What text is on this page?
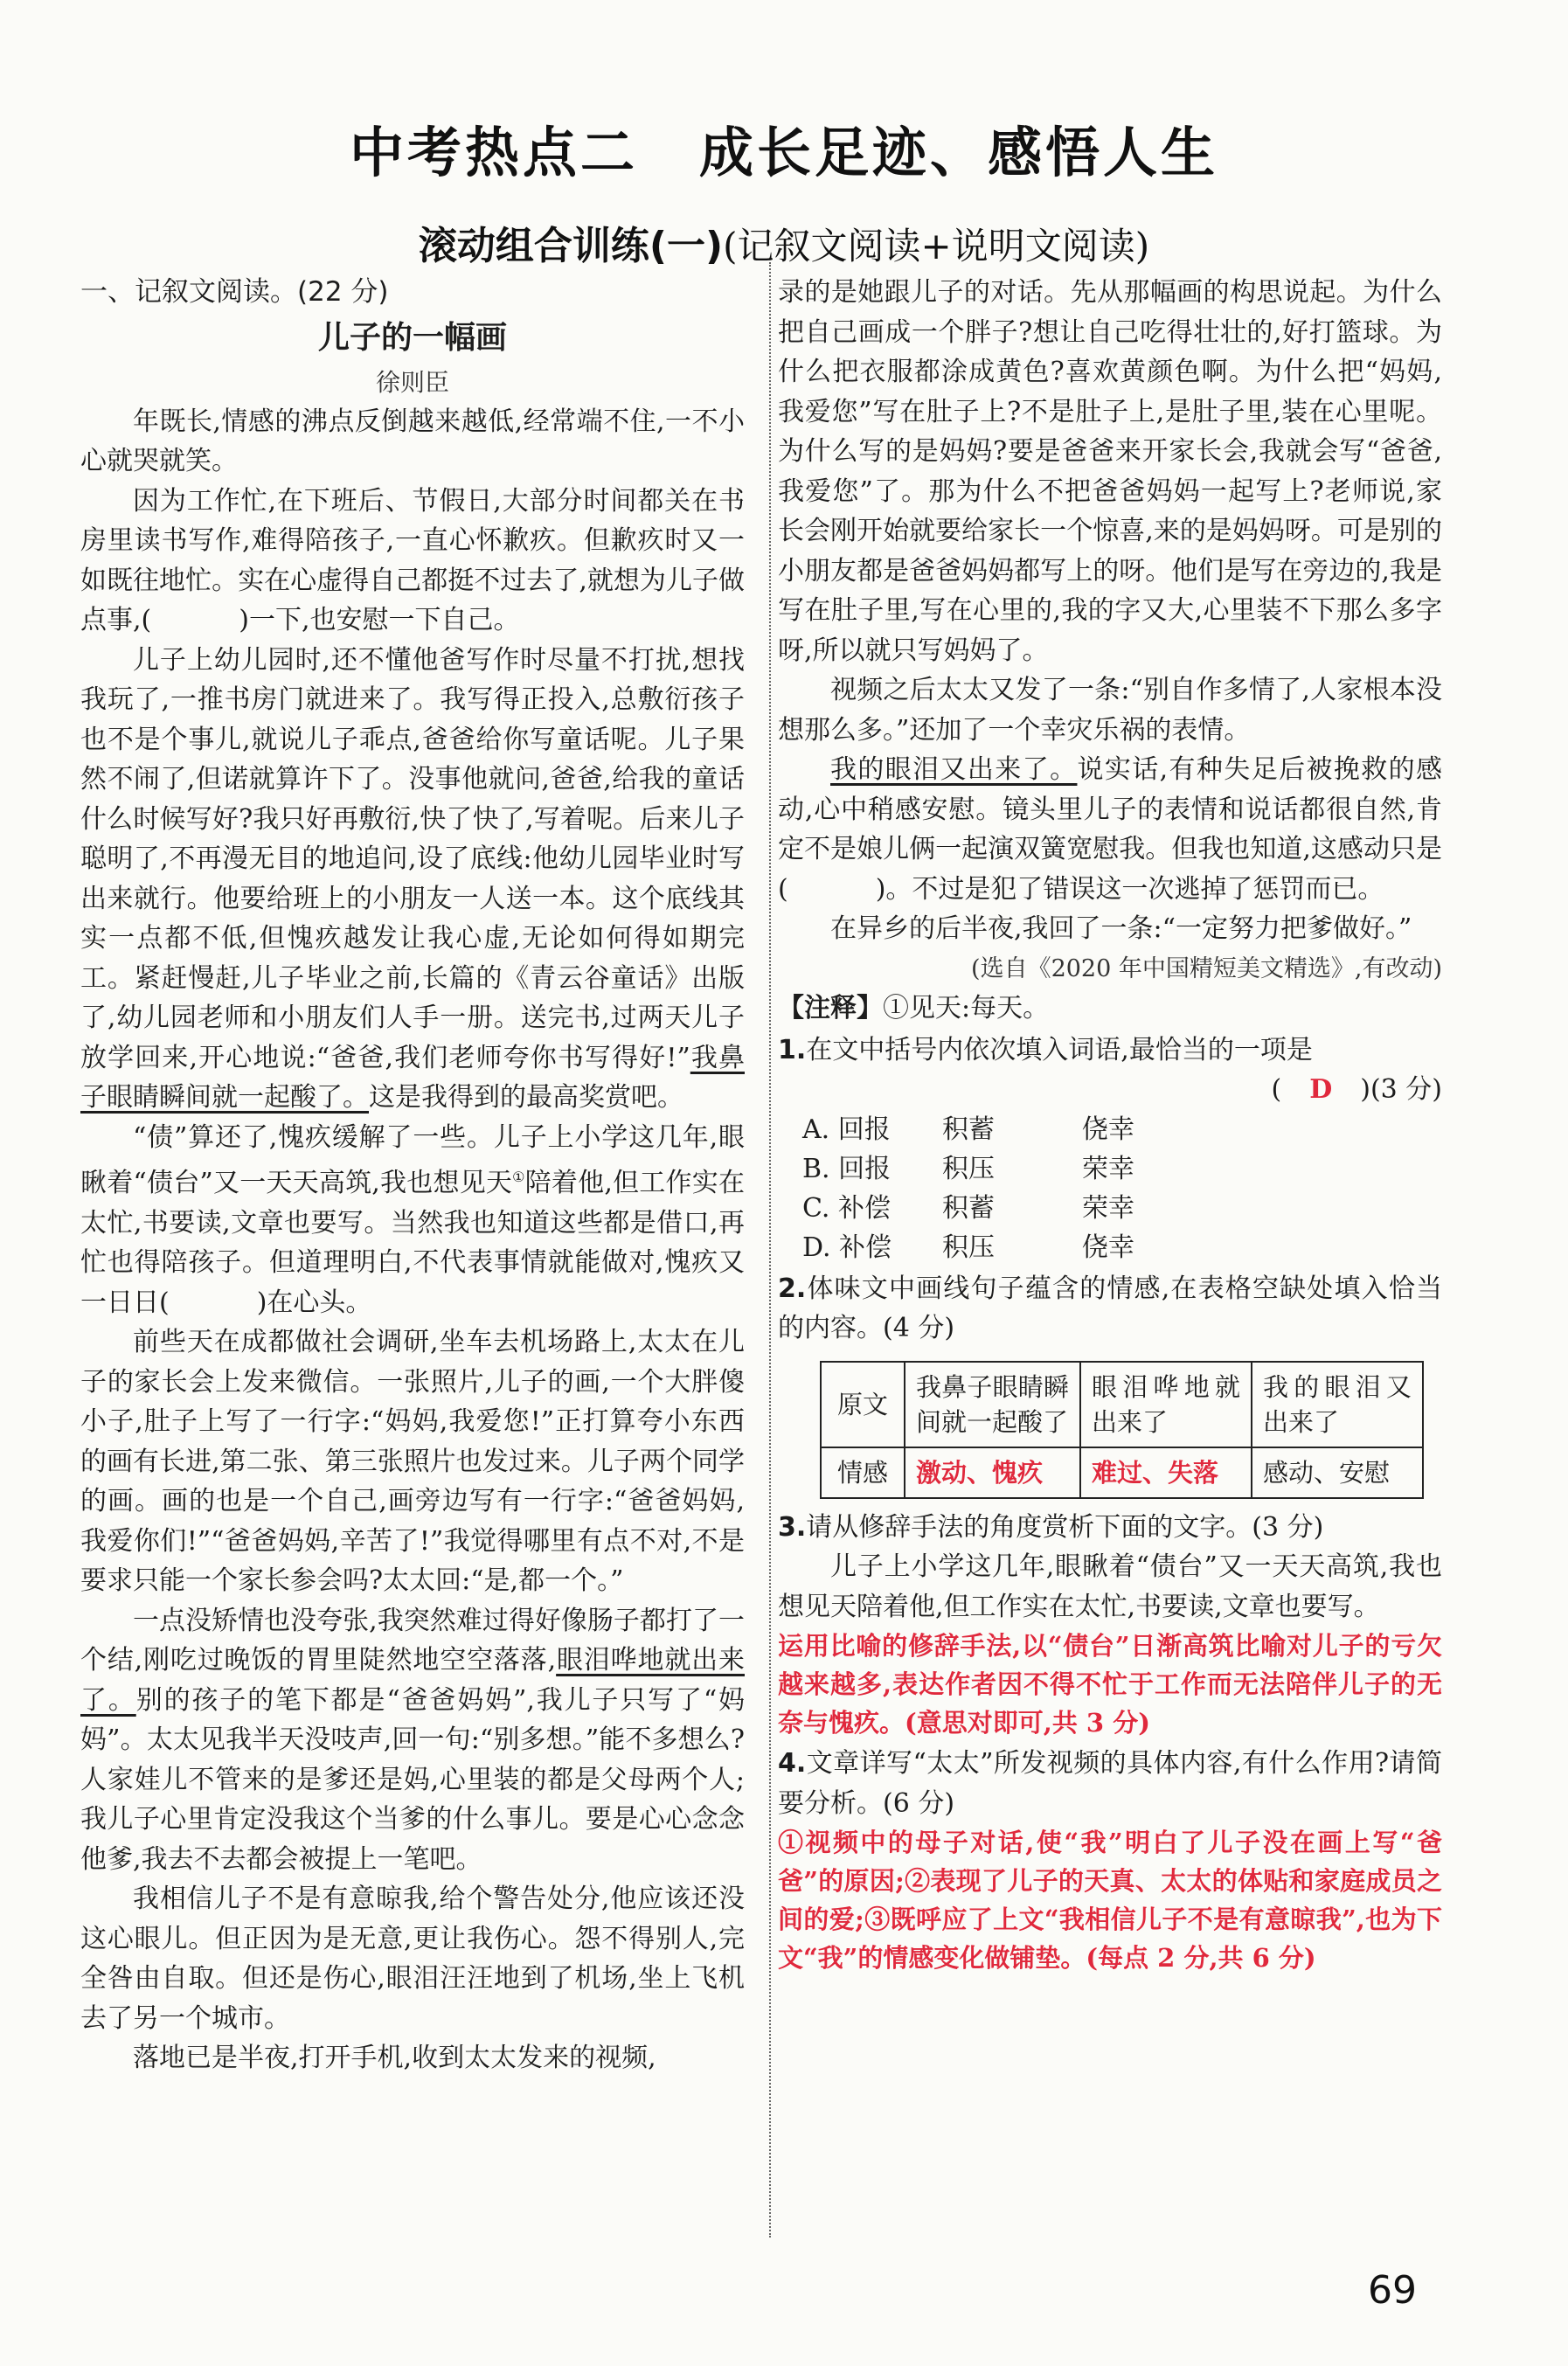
中考热点二 成长足迹、感悟人生
滚动组合训练(一)(记叙文阅读+说明文阅读)
一、记叙文阅读。(22 分)
儿子的一幅画
徐则臣

年既长,情感的沸点反倒越来越低,经常端不住,一不小心就哭就笑。

因为工作忙,在下班后、节假日,大部分时间都关在书房里读书写作,难得陪孩子,一直心怀歉疚。但歉疚时又一如既往地忙。实在心虚得自己都挺不过去了,就想为儿子做点事,(	)一下,也安慰一下自己。

儿子上幼儿园时,还不懂他爸写作时尽量不打扰,想找我玩了,一推书房门就进来了。我写得正投入,总敷衍孩子也不是个事儿,就说儿子乖点,爸爸给你写童话呢。儿子果然不闹了,但诺就算许下了。没事他就问,爸爸,给我的童话什么时候写好?我只好再敷衍,快了快了,写着呢。后来儿子聪明了,不再漫无目的地追问,设了底线:他幼儿园毕业时写出来就行。他要给班上的小朋友一人送一本。这个底线其实一点都不低,但愧疚越发让我心虚,无论如何得如期完工。紧赶慢赶,儿子毕业之前,长篇的《青云谷童话》出版了,幼儿园老师和小朋友们人手一册。送完书,过两天儿子放学回来,开心地说:“爸爸,我们老师夸你书写得好!”我鼻子眼睛瞬间就一起酸了。这是我得到的最高奖赏吧。

“债”算还了,愧疚缓解了一些。儿子上小学这几年,眼瞅着“债台”又一天天高筑,我也想见天①陪着他,但工作实在太忙,书要读,文章也要写。当然我也知道这些都是借口,再忙也得陪孩子。但道理明白,不代表事情就能做对,愧疚又一日日(	)在心头。

前些天在成都做社会调研,坐车去机场路上,太太在儿子的家长会上发来微信。一张照片,儿子的画,一个大胖傻小子,肚子上写了一行字:“妈妈,我爱您!”正打算夸小东西的画有长进,第二张、第三张照片也发过来。儿子两个同学的画。画的也是一个自己,画旁边写有一行字:“爸爸妈妈,我爱你们!”“爸爸妈妈,辛苦了!”我觉得哪里有点不对,不是要求只能一个家长参会吗?太太回:“是,都一个。”

一点没矫情也没夸张,我突然难过得好像肠子都打了一个结,刚吃过晚饭的胃里陡然地空空落落,眼泪哗地就出来了。别的孩子的笔下都是“爸爸妈妈”,我儿子只写了“妈妈”。太太见我半天没吱声,回一句:“别多想。”能不多想么?人家娃儿不管来的是爹还是妈,心里装的都是父母两个人;我儿子心里肯定没我这个当爹的什么事儿。要是心心念念他爹,我去不去都会被提上一笔吧。

我相信儿子不是有意晾我,给个警告处分,他应该还没这心眼儿。但正因为是无意,更让我伤心。怨不得别人,完全咎由自取。但还是伤心,眼泪汪汪地到了机场,坐上飞机去了另一个城市。

落地已是半夜,打开手机,收到太太发来的视频,

录的是她跟儿子的对话。先从那幅画的构思说起。为什么把自己画成一个胖子?想让自己吃得壮壮的,好打篮球。为什么把衣服都涂成黄色?喜欢黄颜色啊。为什么把“妈妈,我爱您”写在肚子上?不是肚子上,是肚子里,装在心里呢。为什么写的是妈妈?要是爸爸来开家长会,我就会写“爸爸,我爱您”了。那为什么不把爸爸妈妈一起写上?老师说,家长会刚开始就要给家长一个惊喜,来的是妈妈呀。可是别的小朋友都是爸爸妈妈都写上的呀。他们是写在旁边的,我是写在肚子里,写在心里的,我的字又大,心里装不下那么多字呀,所以就只写妈妈了。

视频之后太太又发了一条:“别自作多情了,人家根本没想那么多。”还加了一个幸灾乐祸的表情。

我的眼泪又出来了。说实话,有种失足后被挽救的感动,心中稍感安慰。镜头里儿子的表情和说话都很自然,肯定不是娘儿俩一起演双簧宽慰我。但我也知道,这感动只是(	)。不过是犯了错误这一次逃掉了惩罚而已。

在异乡的后半夜,我回了一条:“一定努力把爹做好。”

(选自《2020 年中国精短美文精选》,有改动)
【注释】①见天:每天。
1.在文中括号内依次填入词语,最恰当的一项是
( D )(3 分)
A. 回报	积蓄	侥幸
B. 回报	积压	荣幸
C. 补偿	积蓄	荣幸
D. 补偿	积压	侥幸
2.体味文中画线句子蕴含的情感,在表格空缺处填入恰当的内容。(4 分)
原文	我鼻子眼睛瞬间就一起酸了	眼泪哗地就出来了	我的眼泪又出来了
情感	激动、愧疚	难过、失落	感动、安慰
3.请从修辞手法的角度赏析下面的文字。(3 分)

儿子上小学这几年,眼瞅着“债台”又一天天高筑,我也想见天陪着他,但工作实在太忙,书要读,文章也要写。

运用比喻的修辞手法,以“债台”日渐高筑比喻对儿子的亏欠越来越多,表达作者因不得不忙于工作而无法陪伴儿子的无奈与愧疚。(意思对即可,共 3 分)
4.文章详写“太太”所发视频的具体内容,有什么作用?请简要分析。(6 分)
①视频中的母子对话,使“我”明白了儿子没在画上写“爸爸”的原因;②表现了儿子的天真、太太的体贴和家庭成员之间的爱;③既呼应了上文“我相信儿子不是有意晾我”,也为下文“我”的情感变化做铺垫。(每点 2 分,共 6 分)
69
